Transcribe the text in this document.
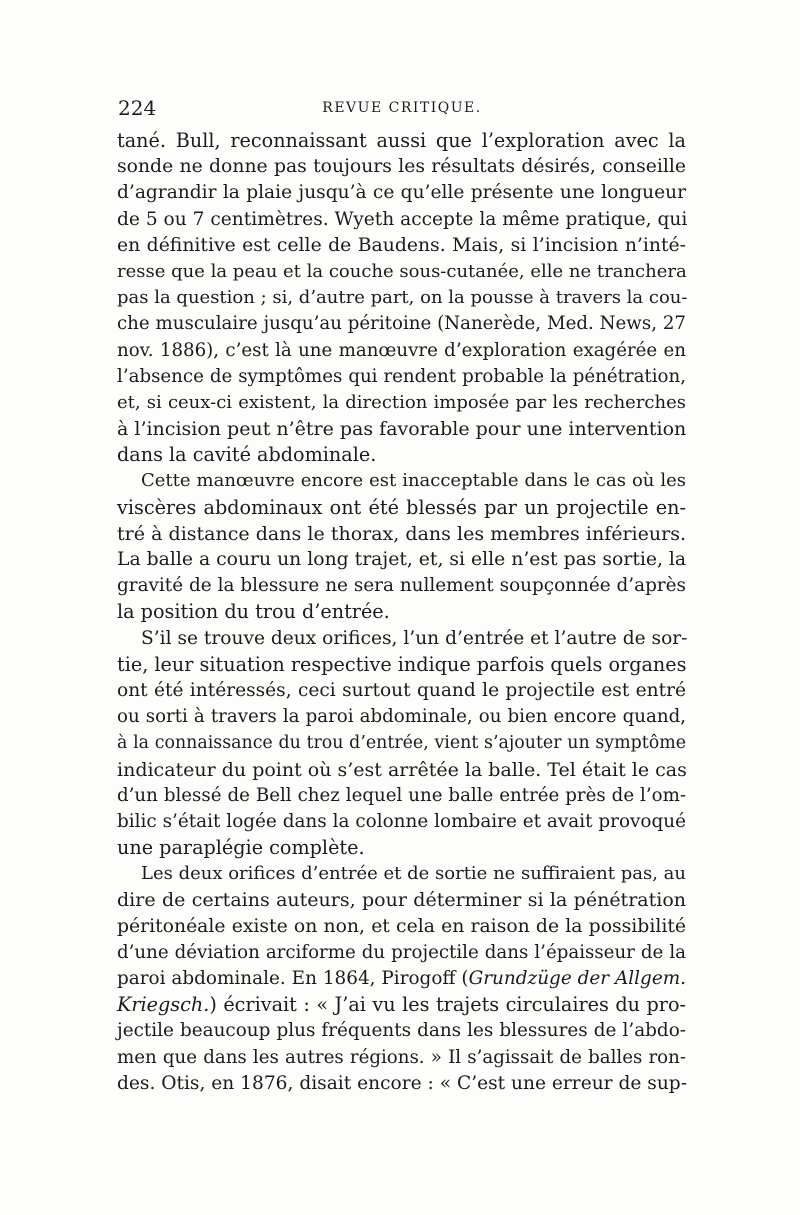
224	REVUE CRITIQUE.
tané. Bull, reconnaissant aussi que l’exploration avec la
sonde ne donne pas toujours les résultats désirés, conseille
d’agrandir la plaie jusqu’à ce qu’elle présente une longueur
de 5 ou 7 centimètres. Wyeth accepte la même pratique, qui
en définitive est celle de Baudens. Mais, si l’incision n’inté-
resse que la peau et la couche sous-cutanée, elle ne tranchera
pas la question ; si, d’autre part, on la pousse à travers la cou-
che musculaire jusqu’au péritoine (Nanerède, Med. News, 27
nov. 1886), c’est là une manœuvre d’exploration exagérée en
l’absence de symptômes qui rendent probable la pénétration,
et, si ceux-ci existent, la direction imposée par les recherches
à l’incision peut n’être pas favorable pour une intervention
dans la cavité abdominale.
Cette manœuvre encore est inacceptable dans le cas où les
viscères abdominaux ont été blessés par un projectile en-
tré à distance dans le thorax, dans les membres inférieurs.
La balle a couru un long trajet, et, si elle n’est pas sortie, la
gravité de la blessure ne sera nullement soupçonnée d’après
la position du trou d’entrée.
S’il se trouve deux orifices, l’un d’entrée et l’autre de sor-
tie, leur situation respective indique parfois quels organes
ont été intéressés, ceci surtout quand le projectile est entré
ou sorti à travers la paroi abdominale, ou bien encore quand,
à la connaissance du trou d’entrée, vient s’ajouter un symptôme
indicateur du point où s’est arrêtée la balle. Tel était le cas
d’un blessé de Bell chez lequel une balle entrée près de l’om-
bilic s’était logée dans la colonne lombaire et avait provoqué
une paraplégie complète.
Les deux orifices d’entrée et de sortie ne suffiraient pas, au
dire de certains auteurs, pour déterminer si la pénétration
péritonéale existe on non, et cela en raison de la possibilité
d’une déviation arciforme du projectile dans l’épaisseur de la
paroi abdominale. En 1864, Pirogoff (Grundzüge der Allgem.
Kriegsch.) écrivait : « J’ai vu les trajets circulaires du pro-
jectile beaucoup plus fréquents dans les blessures de l’abdo-
men que dans les autres régions. » Il s’agissait de balles ron-
des. Otis, en 1876, disait encore : « C’est une erreur de sup-
